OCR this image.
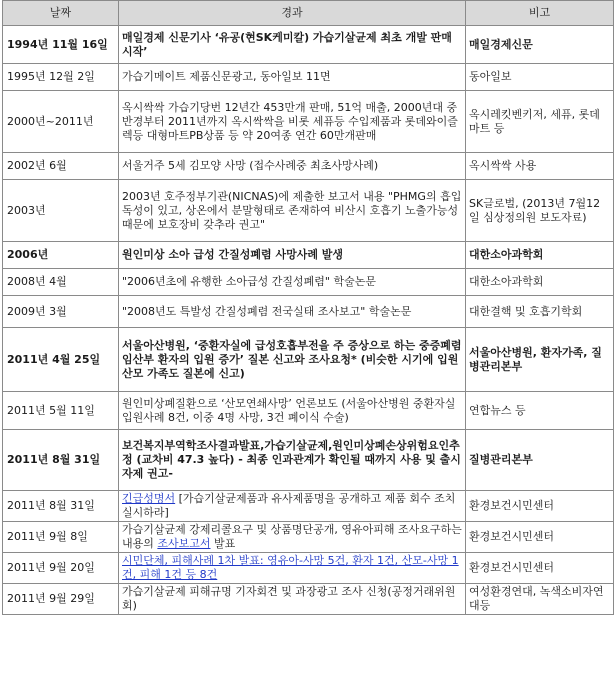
날짜	경과	비고
1994년 11월 16일	매일경제 신문기사 ‘유공(현SK케미칼) 가습기살균제 최초 개발 판매시작’	매일경제신문
1995년 12월 2일	가습기메이트 제품신문광고, 동아일보 11면	동아일보
2000년~2011년	옥시싹싹 가습기당번 12년간 453만개 판매, 51억 매출, 2000년대 중반경부터 2011년까지 옥시싹싹을 비롯 세퓨등 수입제품과 롯데와이즐렉등 대형마트PB상품 등 약 20여종 연간 60만개판매	옥시레킷벤키저, 세퓨, 롯데마트 등
2002년 6월	서울거주 5세 김모양 사망 (접수사례중 최초사망사례)	옥시싹싹 사용
2003년	2003년 호주정부기관(NICNAS)에 제출한 보고서 내용 "PHMG의 흡입독성이 있고, 상온에서 분말형태로 존재하여 비산시 호흡기 노출가능성 때문에 보호장비 갖추라 권고"	SK글로벌, (2013년 7월12일 심상정의원 보도자료)
2006년	원인미상 소아 급성 간질성폐렴 사망사례 발생	대한소아과학회
2008년 4월	"2006년초에 유행한 소아급성 간질성폐렴" 학술논문	대한소아과학회
2009년 3월	"2008년도 특발성 간질성폐렴 전국실태 조사보고" 학술논문	대한결핵 및 호흡기학회
2011년 4월 25일	서울아산병원, ‘중환자실에 급성호흡부전을 주 증상으로 하는 중증폐렴 임산부 환자의 입원 증가’ 질본 신고와 조사요청* (비슷한 시기에 입원산모 가족도 질본에 신고)	서울아산병원, 환자가족, 질병관리본부
2011년 5월 11일	원인미상폐질환으로 ‘산모연쇄사망’ 언론보도 (서울아산병원 중환자실 입원사례 8건, 이중 4명 사망, 3건 폐이식 수술)	연합뉴스 등
2011년 8월 31일	보건복지부역학조사결과발표,가습기살균제,원인미상폐손상위험요인추정 (교차비 47.3 높다) - 최종 인과관계가 확인될 때까지 사용 및 출시 자제 권고-	질병관리본부
2011년 8월 31일	긴급성명서 [가습기살균제품과 유사제품명을 공개하고 제품 회수 조치 실시하라]	환경보건시민센터
2011년 9월 8일	가습기살균제 강제리콜요구 및 상품명단공개, 영유아피해 조사요구하는 내용의 조사보고서 발표	환경보건시민센터
2011년 9월 20일	시민단체, 피해사례 1차 발표: 영유아-사망 5건, 환자 1건, 산모-사망 1건, 피해 1건 등 8건	환경보건시민센터
2011년 9월 29일	가습기살균제 피해규명 기자회견 및 과장광고 조사 신청(공정거래위원회)	여성환경연대, 녹색소비자연대등
